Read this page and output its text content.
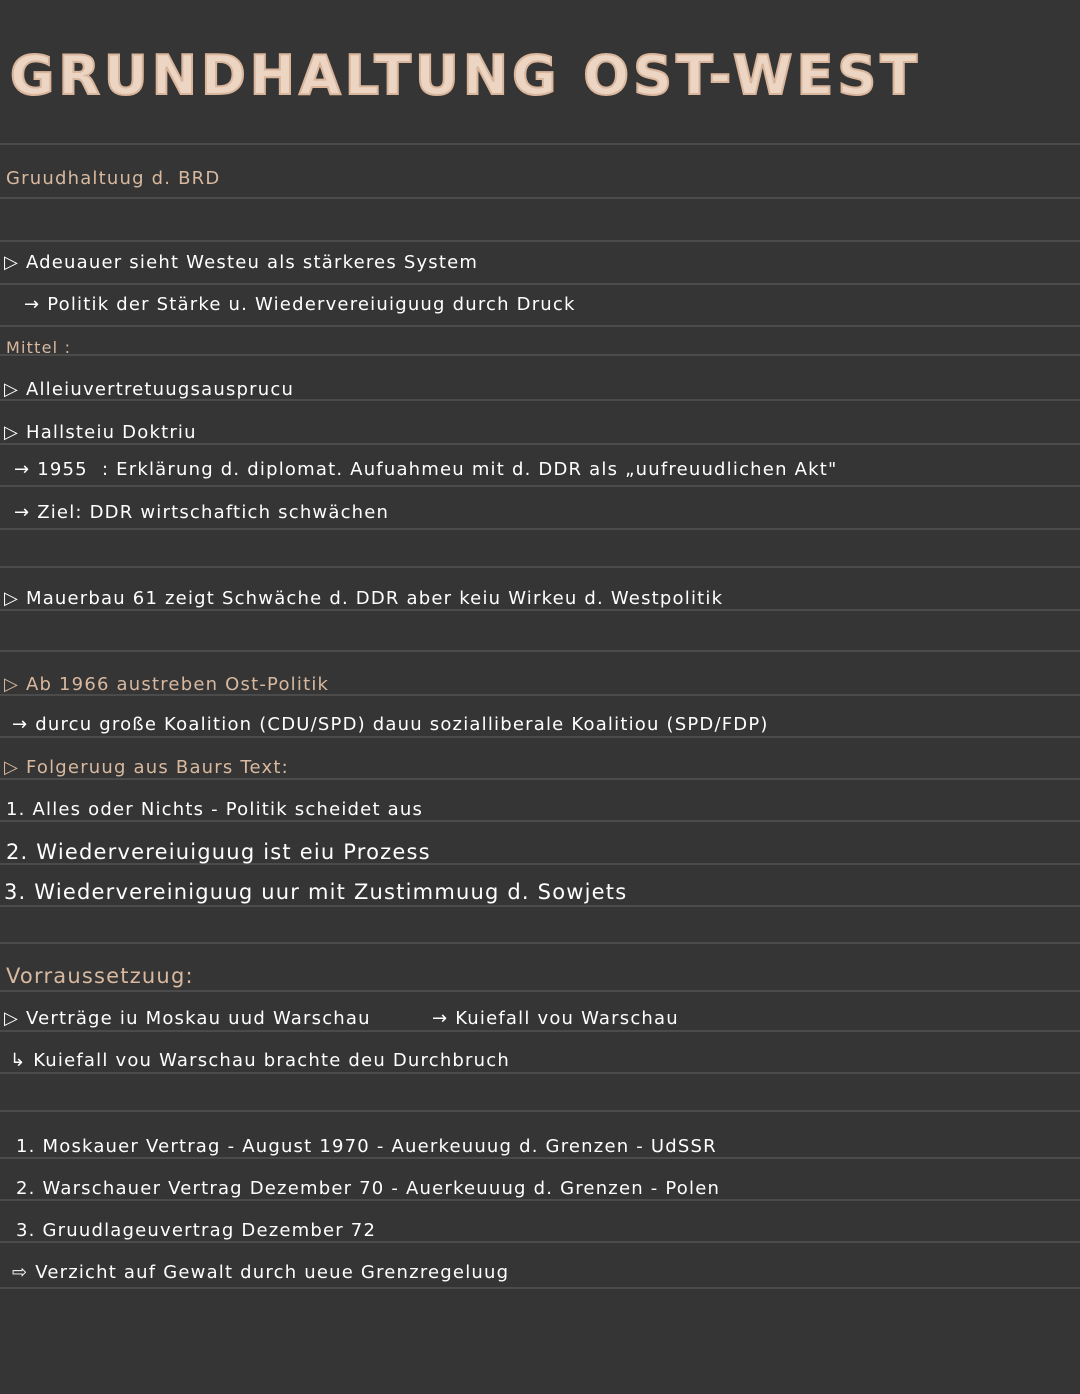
GRUNDHALTUNG OST-WEST
Gruudhaltuug d. BRD
▷ Adeuauer sieht Westeu als stärkeres System
→ Politik der Stärke u. Wiedervereiuiguug durch Druck
Mittel :
▷ Alleiuvertretuugsausprucu
▷ Hallsteiu Doktriu
→ 1955 : Erklärung d. diplomat. Aufuahmeu mit d. DDR als „uufreuudlichen Akt"
→ Ziel: DDR wirtschaftich schwächen
▷ Mauerbau 61 zeigt Schwäche d. DDR aber keiu Wirkeu d. Westpolitik
▷ Ab 1966 austreben Ost-Politik
→ durcu große Koalition (CDU/SPD) dauu sozialliberale Koalitiou (SPD/FDP)
▷ Folgeruug aus Baurs Text:
1. Alles oder Nichts - Politik scheidet aus
2. Wiedervereiuiguug ist eiu Prozess
3. Wiedervereiniguug uur mit Zustimmuug d. Sowjets
Vorraussetzuug:
▷ Verträge iu Moskau uud Warschau	→ Kuiefall vou Warschau
↳ Kuiefall vou Warschau brachte deu Durchbruch
1. Moskauer Vertrag - August 1970 - Auerkeuuug d. Grenzen - UdSSR
2. Warschauer Vertrag Dezember 70 - Auerkeuuug d. Grenzen - Polen
3. Gruudlageuvertrag Dezember 72
⇨ Verzicht auf Gewalt durch ueue Grenzregeluug
